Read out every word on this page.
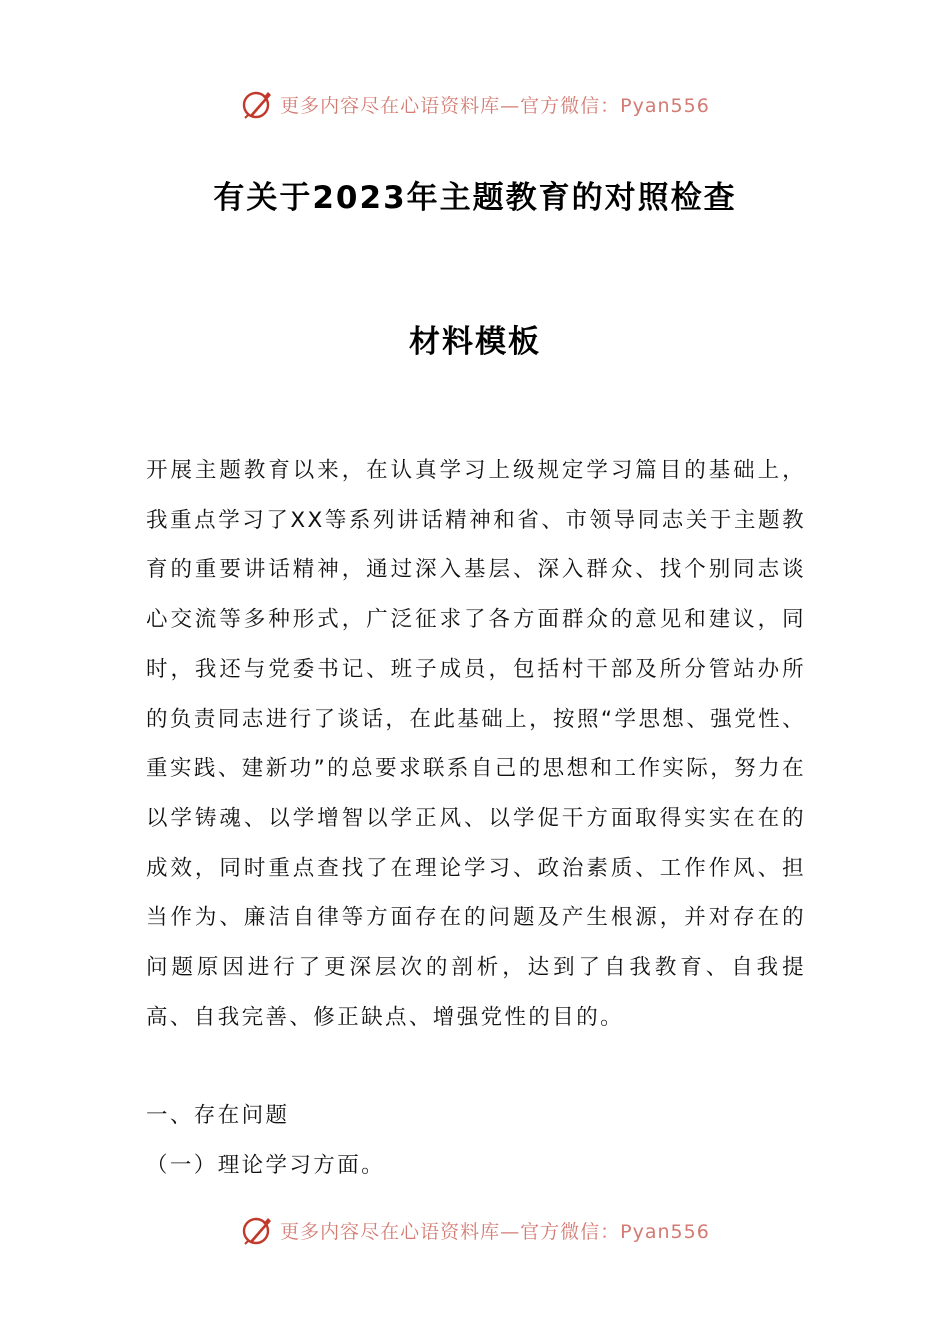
更多内容尽在心语资料库—官方微信：Pyan556
有关于2023年主题教育的对照检查
材料模板

开展主题教育以来，在认真学习上级规定学习篇目的基础上，我重点学习了XX等系列讲话精神和省、市领导同志关于主题教育的重要讲话精神，通过深入基层、深入群众、找个别同志谈心交流等多种形式，广泛征求了各方面群众的意见和建议，同时，我还与党委书记、班子成员，包括村干部及所分管站办所的负责同志进行了谈话，在此基础上，按照“学思想、强党性、重实践、建新功”的总要求联系自己的思想和工作实际，努力在以学铸魂、以学增智以学正风、以学促干方面取得实实在在的成效，同时重点查找了在理论学习、政治素质、工作作风、担当作为、廉洁自律等方面存在的问题及产生根源，并对存在的问题原因进行了更深层次的剖析，达到了自我教育、自我提高、自我完善、修正缺点、增强党性的目的。

一、存在问题
（一）理论学习方面。
更多内容尽在心语资料库—官方微信：Pyan556
